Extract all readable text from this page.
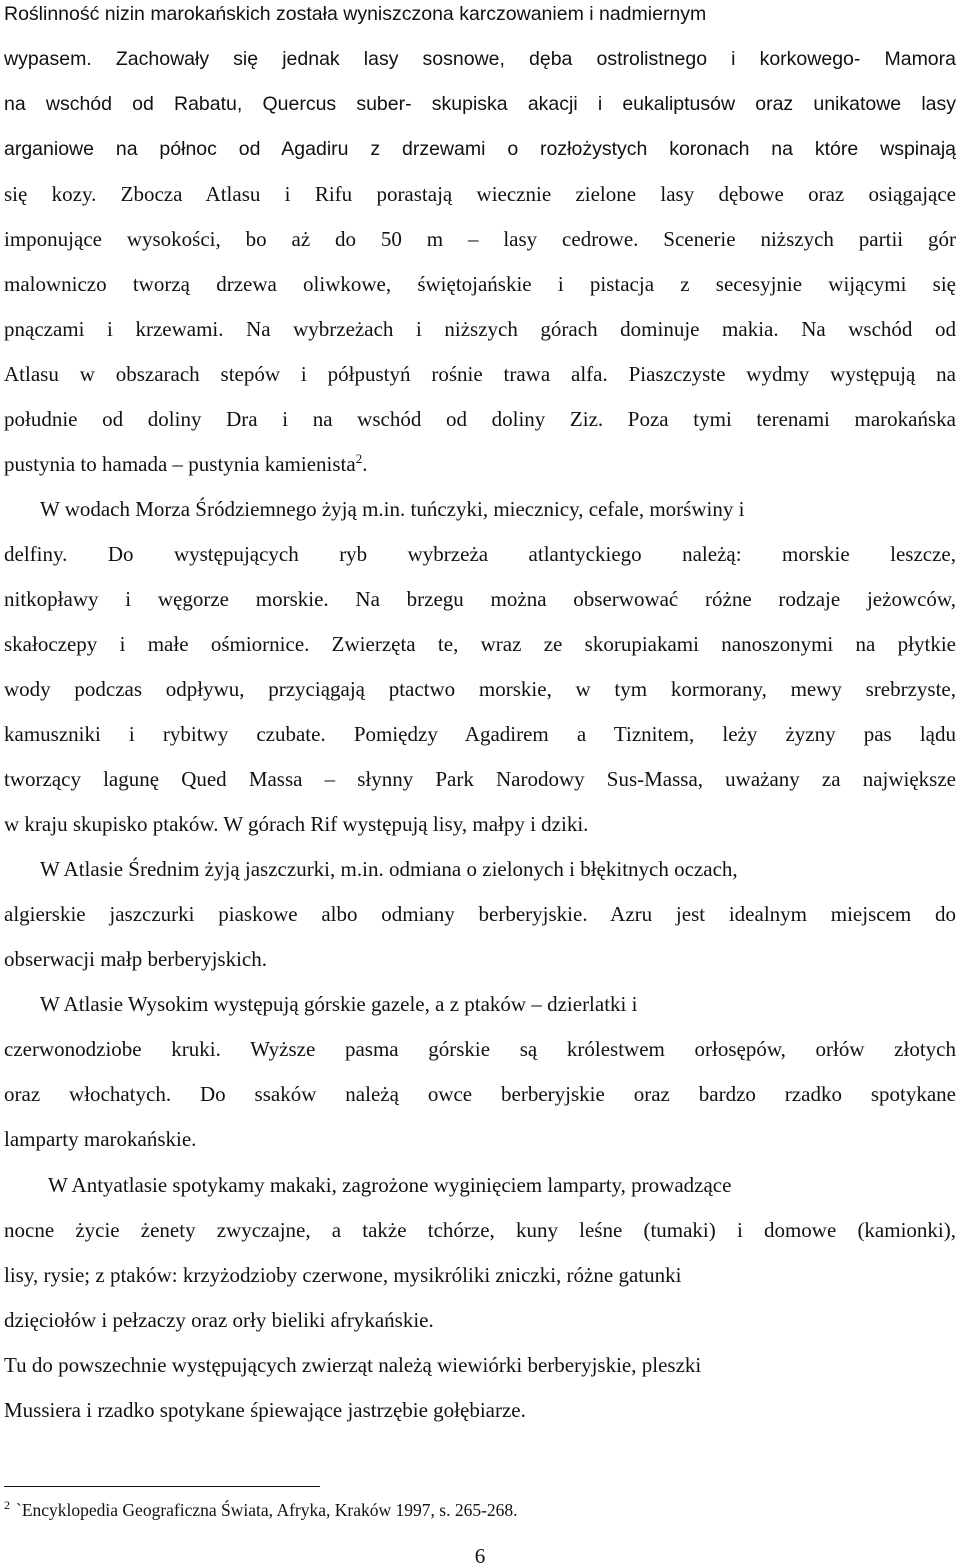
Roślinność nizin marokańskich została wyniszczona karczowaniem i nadmiernym
wypasem. Zachowały się jednak lasy sosnowe, dęba ostrolistnego i korkowego- Mamora
na wschód od Rabatu, Quercus suber- skupiska akacji i eukaliptusów oraz unikatowe lasy
arganiowe na północ od Agadiru z drzewami o rozłożystych koronach na które wspinają
się kozy. Zbocza Atlasu i Rifu porastają wiecznie zielone lasy dębowe oraz osiągające
imponujące wysokości, bo aż do 50 m – lasy cedrowe. Scenerie niższych partii gór
malowniczo tworzą drzewa oliwkowe, świętojańskie i pistacja z secesyjnie wijącymi się
pnączami i krzewami. Na wybrzeżach i niższych górach dominuje makia. Na wschód od
Atlasu w obszarach stepów i półpustyń rośnie trawa alfa. Piaszczyste wydmy występują na
południe od doliny Dra i na wschód od doliny Ziz. Poza tymi terenami marokańska
pustynia to hamada – pustynia kamienista$^2$.
W wodach Morza Śródziemnego żyją m.in. tuńczyki, miecznicy, cefale, morświny i
delfiny. Do występujących ryb wybrzeża atlantyckiego należą: morskie leszcze,
nitkopławy i węgorze morskie. Na brzegu można obserwować różne rodzaje jeżowców,
skałoczepy i małe ośmiornice. Zwierzęta te, wraz ze skorupiakami nanoszonymi na płytkie
wody podczas odpływu, przyciągają ptactwo morskie, w tym kormorany, mewy srebrzyste,
kamuszniki i rybitwy czubate. Pomiędzy Agadirem a Tiznitem, leży żyzny pas lądu
tworzący lagunę Qued Massa – słynny Park Narodowy Sus-Massa, uważany za największe
w kraju skupisko ptaków. W górach Rif występują lisy, małpy i dziki.
W Atlasie Średnim żyją jaszczurki, m.in. odmiana o zielonych i błękitnych oczach,
algierskie jaszczurki piaskowe albo odmiany berberyjskie. Azru jest idealnym miejscem do
obserwacji małp berberyjskich.
W Atlasie Wysokim występują górskie gazele, a z ptaków – dzierlatki i
czerwonodziobe kruki. Wyższe pasma górskie są królestwem orłosępów, orłów złotych
oraz włochatych. Do ssaków należą owce berberyjskie oraz bardzo rzadko spotykane
lamparty marokańskie.
W Antyatlasie spotykamy makaki, zagrożone wyginięciem lamparty, prowadzące
nocne życie żenety zwyczajne, a także tchórze, kuny leśne (tumaki) i domowe (kamionki),
lisy, rysie; z ptaków: krzyżodzioby czerwone, mysikróliki zniczki, różne gatunki
dzięciołów i pełzaczy oraz orły bieliki afrykańskie.
Tu do powszechnie występujących zwierząt należą wiewiórki berberyjskie, pleszki
Mussiera i rzadko spotykane śpiewające jastrzębie gołębiarze.
$^2$ `Encyklopedia Geograficzna Świata, Afryka, Kraków 1997, s. 265-268.
6
